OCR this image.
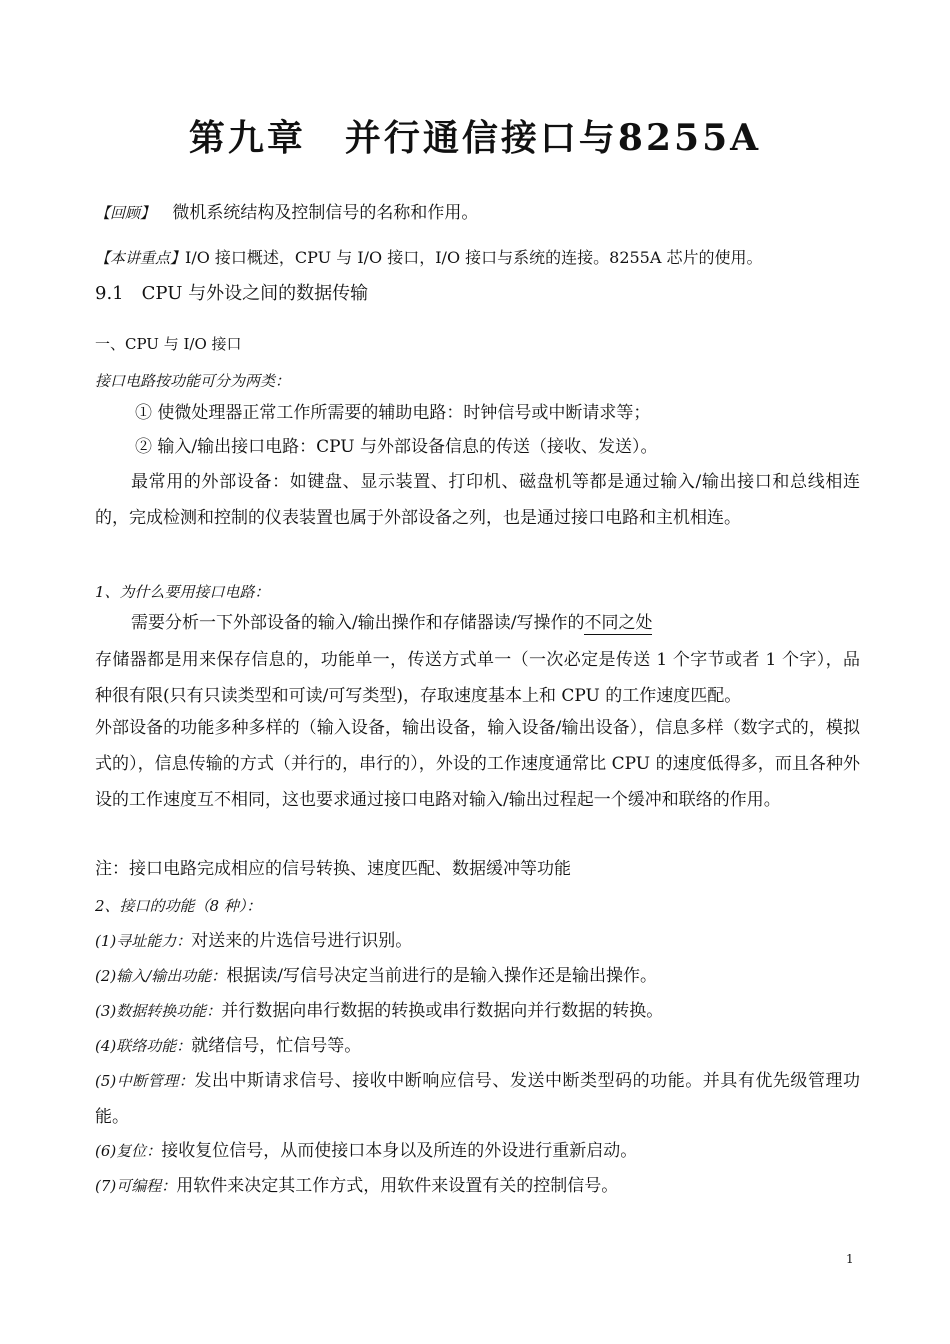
第九章　并行通信接口与8255A
【回顾】 微机系统结构及控制信号的名称和作用。
【本讲重点】I/O 接口概述，CPU 与 I/O 接口，I/O 接口与系统的连接。8255A 芯片的使用。
9.1　CPU 与外设之间的数据传输
一、CPU 与 I/O 接口
接口电路按功能可分为两类：
① 使微处理器正常工作所需要的辅助电路：时钟信号或中断请求等；
② 输入/输出接口电路：CPU 与外部设备信息的传送（接收、发送）。
最常用的外部设备：如键盘、显示装置、打印机、磁盘机等都是通过输入/输出接口和总线相连的，完成检测和控制的仪表装置也属于外部设备之列，也是通过接口电路和主机相连。
1、为什么要用接口电路：
需要分析一下外部设备的输入/输出操作和存储器读/写操作的不同之处
存储器都是用来保存信息的，功能单一，传送方式单一（一次必定是传送 1 个字节或者 1 个字），品种很有限(只有只读类型和可读/可写类型)，存取速度基本上和 CPU 的工作速度匹配。
外部设备的功能多种多样的（输入设备，输出设备，输入设备/输出设备），信息多样（数字式的，模拟式的），信息传输的方式（并行的，串行的），外设的工作速度通常比 CPU 的速度低得多，而且各种外设的工作速度互不相同，这也要求通过接口电路对输入/输出过程起一个缓冲和联络的作用。
注：接口电路完成相应的信号转换、速度匹配、数据缓冲等功能
2、接口的功能（8 种）：
(1)寻址能力：对送来的片选信号进行识别。
(2)输入/输出功能：根据读/写信号决定当前进行的是输入操作还是输出操作。
(3)数据转换功能：并行数据向串行数据的转换或串行数据向并行数据的转换。
(4)联络功能：就绪信号，忙信号等。
(5)中断管理：发出中斯请求信号、接收中断响应信号、发送中断类型码的功能。并具有优先级管理功能。
(6)复位：接收复位信号，从而使接口本身以及所连的外设进行重新启动。
(7)可编程：用软件来决定其工作方式，用软件来设置有关的控制信号。
1
